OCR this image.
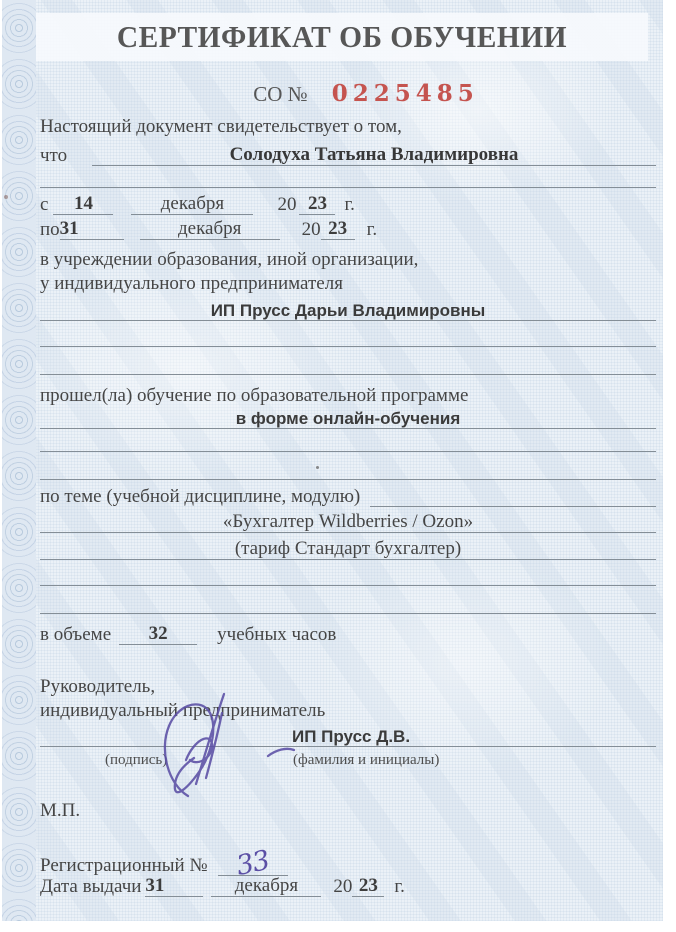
СЕРТИФИКАТ ОБ ОБУЧЕНИИ
СО № 0225485
Настоящий документ свидетельствует о том,
что	Солодуха Татьяна Владимировна
с 14	декабря	20 23 г.
по 31	декабря	20 23 г.
в учреждении образования, иной организации,
у индивидуального предпринимателя
ИП Прусс Дарьи Владимировны
прошел(ла) обучение по образовательной программе
в форме онлайн-обучения
по теме (учебной дисциплине, модулю)
«Бухгалтер Wildberries / Ozon»
(тариф Стандарт бухгалтер)
в объеме 32	учебных часов
Руководитель,
индивидуальный предприниматель
ИП Прусс Д.В.
(подпись)	(фамилия и инициалы)
М.П.
Регистрационный № 33
Дата выдачи 31	декабря 20 23 г.
